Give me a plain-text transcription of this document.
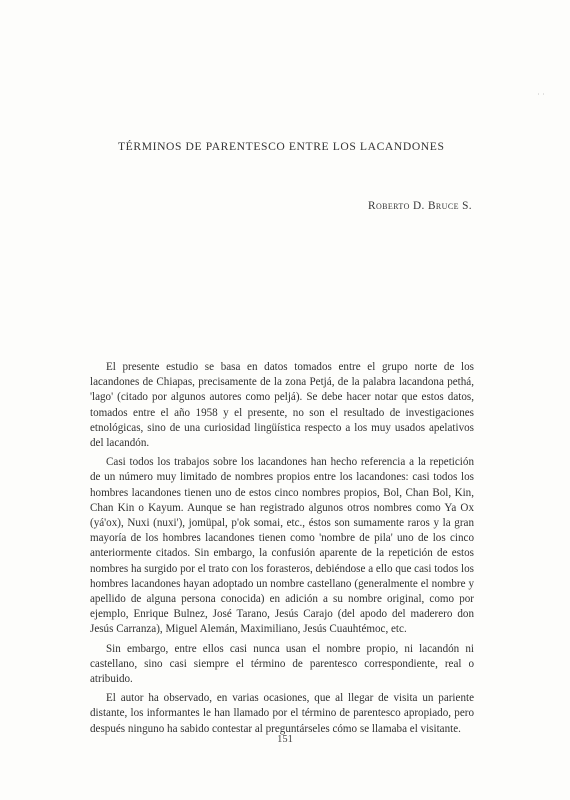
˙˙
TÉRMINOS DE PARENTESCO ENTRE LOS LACANDONES
Roberto D. Bruce S.

El presente estudio se basa en datos tomados entre el grupo norte de los lacandones de Chiapas, precisamente de la zona Petjá, de la palabra lacandona pethá, 'lago' (citado por algunos autores como peljá). Se debe hacer notar que estos datos, tomados entre el año 1958 y el presente, no son el resultado de investigaciones etnológicas, sino de una curiosidad lingüística respecto a los muy usados apelativos del lacandón.

Casi todos los trabajos sobre los lacandones han hecho referencia a la repetición de un número muy limitado de nombres propios entre los lacandones: casi todos los hombres lacandones tienen uno de estos cinco nombres propios, Bol, Chan Bol, Kin, Chan Kin o Kayum. Aunque se han registrado algunos otros nombres como Ya Ox (yá'ox), Nuxi (nuxi'), jomüpal, p'ok somai, etc., éstos son sumamente raros y la gran mayoría de los hombres lacandones tienen como 'nombre de pila' uno de los cinco anteriormente citados. Sin embargo, la confusión aparente de la repetición de estos nombres ha surgido por el trato con los forasteros, debiéndose a ello que casi todos los hombres lacandones hayan adoptado un nombre castellano (generalmente el nombre y apellido de alguna persona conocida) en adición a su nombre original, como por ejemplo, Enrique Bulnez, José Tarano, Jesús Carajo (del apodo del maderero don Jesús Carranza), Miguel Alemán, Maximiliano, Jesús Cuauhtémoc, etc.

Sin embargo, entre ellos casi nunca usan el nombre propio, ni lacandón ni castellano, sino casi siempre el término de parentesco correspondiente, real o atribuido.

El autor ha observado, en varias ocasiones, que al llegar de visita un pariente distante, los informantes le han llamado por el término de parentesco apropiado, pero después ninguno ha sabido contestar al preguntárseles cómo se llamaba el visitante.

151
